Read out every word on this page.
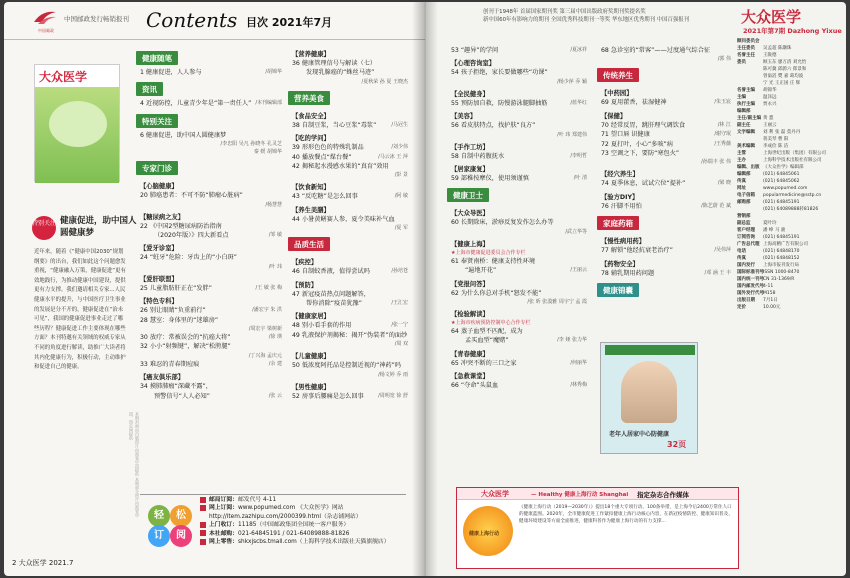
中国邮政
中国邮政发行畅销报刊 Contents 目次 2021年7月
大众医学
特别关注 健康促进，助中国人圆健康梦
近年来，随着《“健康中国2030”规划纲要》的出台，我们如此这个问题愈发重视，“健康融入万策，健康促进”更有效地践行，为推动健康中国建设，提供更有力支撑。我们邀请相关专家...人民健康水平的提升，与中国医疗卫生事业的发展是分不开的，健康促进在“治未可见”，我国的健康促进事业走过了哪些历程？健康促进工作主要体现在哪些方面？本刊特邀有关领域的权威专家从不同的角度进行解读，助推广大读者将其内化健康行为，积极行动，主动维护和促进自己的健康。
本期封面由内版图片由视觉中国提供 本期部分图片由视觉中国、图虫网提供
健康随笔
1 健康促进，人人参与	/胡锦华
资讯
4 近视防控，儿童青少年是“第一责任人” /本刊编辑部
特别关注
6 健康促进，助中国人圆健康梦
/李忠阳 吴凡 孙晓冬 孔灵芝
秦 媛 胡锦华
专家门诊
【心脑健康】
20 肺癌患者：不可不防“肺瘤心脏病”
/杨慧慧
【糖尿病之友】
22 《中国2型糖尿病防治指南
（2020年版）》四大新看点	/邹 敏
【爱牙诊室】
24 “蛀牙”危险：牙齿上的“小白斑”
/叶 玮
【爱肝联盟】
25 儿童脂肪肝正在“发胖”	/王 敏 张 梅
【特色专科】
26 别让眼睛“负重前行”	/潘宏宇 朱 洪
28 慧室：身体里的“迷雄房”
/周宏宇 梁树新
30 放疗：常被误会的“抗癌大将”	/徐 瑛
32 小小“射频键”，解决“松胯腿”
/丁兴海 孟庆元
33 难忍的青春期痘痕	/余 建
【癌友俱乐部】
34 摸肺肺瘤“深藏不露”，
预警信号“人人必知”	/张 云
【营养健康】
36 健康管理信号与解读（七）
发现乳腺癌的“蛛丝马迹”
/夏秋荣 孙 夏 王晓杰
营养美食
【食品安全】
38 自制豆浆，当心豆浆“毒浆”	/马冠生
【吃的学问】
39 形形色色的特殊乳制品	/刘少伟
40 播放餐点“煤台餐”	/马云冰 王 萍
42 揭秘起水漫感水果的“真育”效用
/彭 景
【饮食新知】
43 “反吃糖”是怎么回事	/阿 敏
【养生美膳】
44 小暑黄鳝赛人参，夏令美味补气血
/夏 军
品质生活
【疾控】
46 自制蚊香液，值得尝试吗	/孙培苍
【预防】
47 新冠疫苗热点问题解答，
帮你消除“疫苗犹豫”	/王汇宏
【健康家居】
48 别小看手套的作用	/张一宁
49 乳液保护剂揭秘：揭开“伪装者”的面纱
/周 双
【儿童健康】
50 低浓度阿托品是控制近视的“神药”吗
/杨文婷 乔 雨
【男性健康】
52 房事后腰痛是怎么回事	/周明宽 徐 舒
轻	松
订	阅
邮局订阅：邮发代号 4-11
网上订阅：www.popumed.com 《大众医学》网站
http://item.zazhipu.com/2000399.html（杂志铺网站）
上门收订：11185（中国邮政集团全国统一客户服务）
本社邮购：021-64845191 / 021-64089888-81826
网上零售：shkxjscbs.tmall.com（上海科学技术出版社天猫旗舰店）
2 大众医学 2021.7
创刊于1948年 首届国家期刊奖 第三届中国出版政府奖期刊奖提名奖
新中国60年有影响力的期刊 全国优秀科技期刊一等奖 华东地区优秀期刊 中国百强报刊	大众医学
2021年第7期 Dazhong Yixue
53 “趣异”的学问	/夏冰祥
【心理咨询室】
54 孩子拒绝，家长要做哪些“功课”
/杨少萍 乔 颖
【全民健身】
55 预防加自救，防慢游泳腿脚抽筋	/蓝华红
【美容】
56 看皮肤特点，找护肤“良方”
/叶 玮 郑建伟
【手作工坊】
58 自制中药腹抚水	/李明哲
【居家康复】
59 部稚按摩仪，使用须谨慎	/叶 清
健康卫士
【大众导医】
60 长期除床，淤痧反复发作怎么办等
/武立华等
【健康上海】
★上海市健康促进委员会合作专栏
61 奉贤南桥：健康支持性环境
“遍地开花”	/王丽云
【党报问答】
62 为什么你总对手机“怒发不能”
/张 昕 张漠雅 周宇宁 孟 霞
【检验解读】
★上海市疾病预防控制中心合作专栏
64 蒸子血型不匹配，成为
孟买血型“魔赌”	/李 娅 张力华
【青春健康】
65 冲突不断的三口之家	/何丽华
【急救课堂】
66 “夺命”头鼠血	/林秀梅
68 急诊室的“常客”——过度通气综合征
/郭 伟
传统养生
【中药园】
69 夏用藿香，祛湿健神	/朱玉宸
【保健】
70 经常反胃，跳肝理气调饮食	/林 江
71 望口唇 识健康	/谢守珉
72 夏打叶，小心“多咳”病	/王秀薇
73 空调之下，要防“寒包火”
/孙瑞丰 张 伟
【经穴养生】
74 夏季休息，试试穴位“提补”	/梁 晓
【验方DIY】
76 汗脚不用怕	/陈艺蔚 范 斌
家庭药箱
【慢性病用药】
77 解锁“他经抗衰老治疗”	/吴伟萍
【药物安全】
78 辅乳期用药问题	/邓 涵 王 丰
健康锦囊
老年人居家中心防健康
32页
顾问委员会
主任委员 吴孟超 陈灏珠
名誉主任 王陇德
委员	顾玉东 廖万清 刘允怡
陈可冀 邱蔚六 郎景和
曾溢滔 樊 嘉 葛均波
宁 光 王正国 庄 辉
名誉主编 胡锦华
主编	温泽远
执行主编 贾永兴
编辑部
主任/副主编 黄 薏
副主任	王丽云
文字编辑 刘 利 张 磊 莫丹丹
蒋美琴 曹 阳
美术编辑 李成俭 陈 洁
主管	上海世纪出版（集团）有限公司
主办	上海科学技术出版社有限公司
编辑、出版 《大众医学》编辑部
编辑部	(021) 64845061
传真	(021) 64845062
网址	www.popumed.com
电子信箱 popularmedicine@sstp.cn
邮购部	(021) 64845191
(021) 64089888转81826
营销部
副总监	夏叶玲
客户经理 潘 峥 马 骏
订阅咨询 (021) 64845191
广告总代理 上海高精广告有限公司
电话	(021) 64848170
传真	(021) 64848152
国内发行 上海市报刊发行局
国际标准刊号ISSN 1000-8470
国内统一刊号CN 31-1369/R
国内邮发代号4-11
国外发行代号M158
出版日期 7月1日
定价	10.00元
大众医学	— Healthy 健康上海行动 Shanghai 指定杂志合作媒体
健康上海行动
《健康上海行动（2019—2030年）》提出18个重大专项行动、100条举措，是上海今后2400万常住人口的健康蓝图。2020年，全市健康促进工作紧扣健康上海行动核心内容，在新冠疫情防控、健康知识普及、健康环境建设等方面全面推进，健康科普作为健康上海行动的有力支撑...
